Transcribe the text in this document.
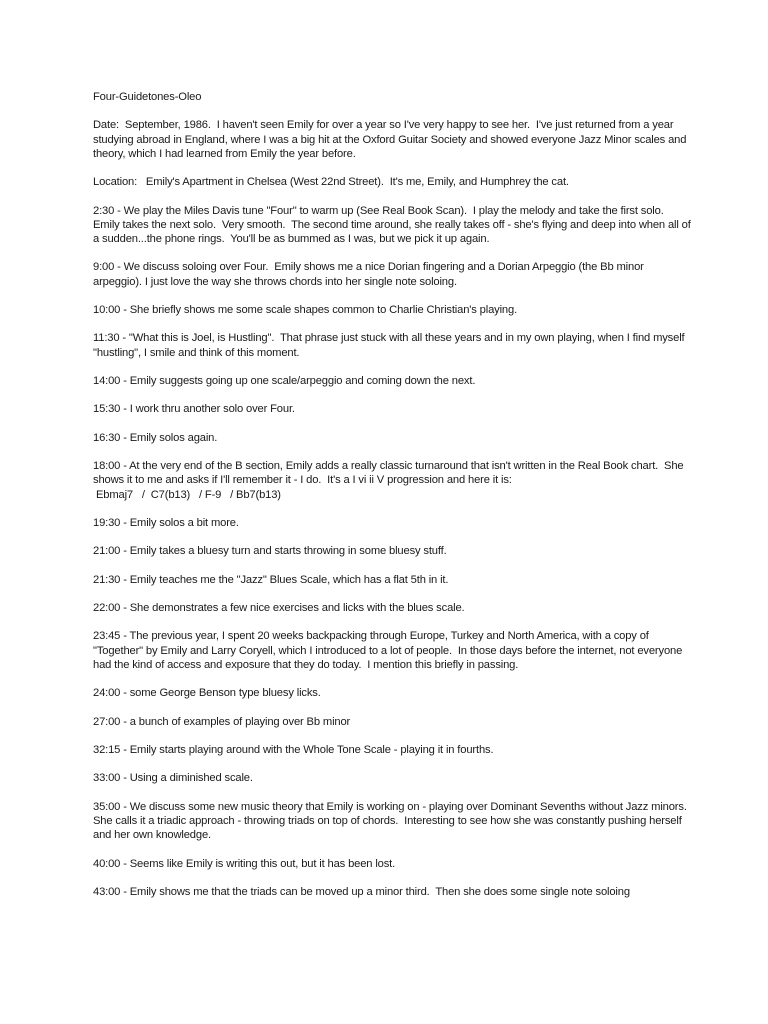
Four-Guidetones-Oleo

Date:  September, 1986.  I haven't seen Emily for over a year so I've very happy to see her.  I've just returned from a year studying abroad in England, where I was a big hit at the Oxford Guitar Society and showed everyone Jazz Minor scales and theory, which I had learned from Emily the year before.

Location:   Emily's Apartment in Chelsea (West 22nd Street).  It's me, Emily, and Humphrey the cat.

2:30 - We play the Miles Davis tune "Four" to warm up (See Real Book Scan).  I play the melody and take the first solo.  Emily takes the next solo.  Very smooth.  The second time around, she really takes off - she's flying and deep into when all of a sudden...the phone rings.  You'll be as bummed as I was, but we pick it up again.

9:00 - We discuss soloing over Four.  Emily shows me a nice Dorian fingering and a Dorian Arpeggio (the Bb minor arpeggio). I just love the way she throws chords into her single note soloing.

10:00 - She briefly shows me some scale shapes common to Charlie Christian's playing.

11:30 - "What this is Joel, is Hustling".  That phrase just stuck with all these years and in my own playing, when I find myself "hustling", I smile and think of this moment.

14:00 - Emily suggests going up one scale/arpeggio and coming down the next.

15:30 - I work thru another solo over Four.

16:30 - Emily solos again.

18:00 - At the very end of the B section, Emily adds a really classic turnaround that isn't written in the Real Book chart.  She shows it to me and asks if I'll remember it - I do.  It's a I vi ii V progression and here it is:
Ebmaj7   /  C7(b13)   / F-9   / Bb7(b13)

19:30 - Emily solos a bit more.

21:00 - Emily takes a bluesy turn and starts throwing in some bluesy stuff.

21:30 - Emily teaches me the "Jazz" Blues Scale, which has a flat 5th in it.

22:00 - She demonstrates a few nice exercises and licks with the blues scale.

23:45 - The previous year, I spent 20 weeks backpacking through Europe, Turkey and North America, with a copy of "Together" by Emily and Larry Coryell, which I introduced to a lot of people.  In those days before the internet, not everyone had the kind of access and exposure that they do today.  I mention this briefly in passing.

24:00 - some George Benson type bluesy licks.

27:00 - a bunch of examples of playing over Bb minor

32:15 - Emily starts playing around with the Whole Tone Scale - playing it in fourths.

33:00 - Using a diminished scale.

35:00 - We discuss some new music theory that Emily is working on - playing over Dominant Sevenths without Jazz minors. She calls it a triadic approach - throwing triads on top of chords.  Interesting to see how she was constantly pushing herself and her own knowledge.

40:00 - Seems like Emily is writing this out, but it has been lost.

43:00 - Emily shows me that the triads can be moved up a minor third.  Then she does some single note soloing
